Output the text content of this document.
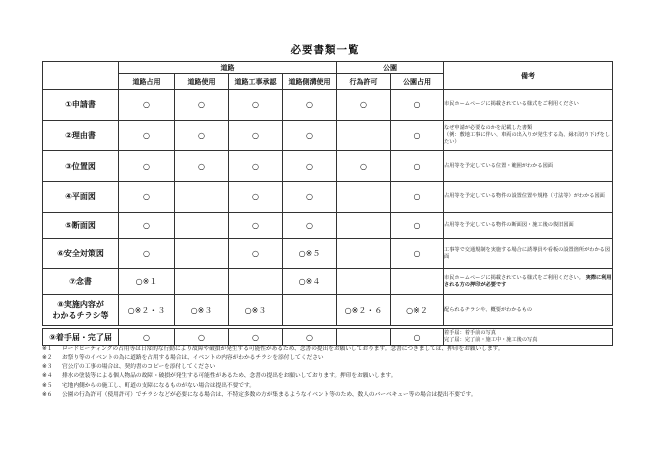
必要書類一覧
	道路				公園		備考
	道路占用	道路使用	道路工事承認	道路側溝使用	行為許可	公園占用	
①申請書	○	○	○	○	○	○	市民ホームページに掲載されている様式をご利用ください
②理由書	○	○	○	○		○	なぜ申請が必要なのかを記載した書類
（例：敷地工事に伴い、車両の出入りが発生する為、縁石切り下げをしたい）

③位置図	○	○	○	○	○	○	占用等を予定している位置・範囲がわかる図面
④平面図	○		○	○		○	占用等を予定している物件の設置位置や規格（寸法等）がわかる図面
⑤断面図	○		○	○		○	占用等を予定している物件の断面図・施工後の復旧図面
⑥安全対策図	○		○	○※５		○	工事等で交通規制を実施する場合に誘導員や看板の設置箇所がわかる図面
⑦念書	○※１			○※４			市民ホームページに掲載されている様式をご利用ください。 実際に利用される方の押印が必要です

⑧実施内容が
わかるチラシ等	○※２・３	○※３	○※３		○※２・６	○※２	配られるチラシや、概要がわかるもの

⑨着手届・完了届	○	○	○	○		○	着手届：着手前の写真
完了届：完了前・施工中・施工後の写真
※１	ロードヒーティングの占用等は日常的な行動により故障や破損が発生する可能性があるため、念書の提出をお願いしております。念書につきましては、押印をお願いします。
※２	お祭り等のイベントの為に道路を占用する場合は、イベントの内容がわかるチラシを添付してください
※３	官公庁の工事の場合は、契約書のコピーを添付してください
※４	排水の塗装等による個人物品の故障・破損が発生する可能性があるため、念書の提出をお願いしております。押印をお願いします。
※５	宅地内側からの施工し、町道の支障になるものがない場合は提出不要です。
※６	公園の行為許可（使用許可）でチラシなどが必要になる場合は、不特定多数の方が集まるようなイベント等のため、数人のバーベキュー等の場合は提出不要です。
